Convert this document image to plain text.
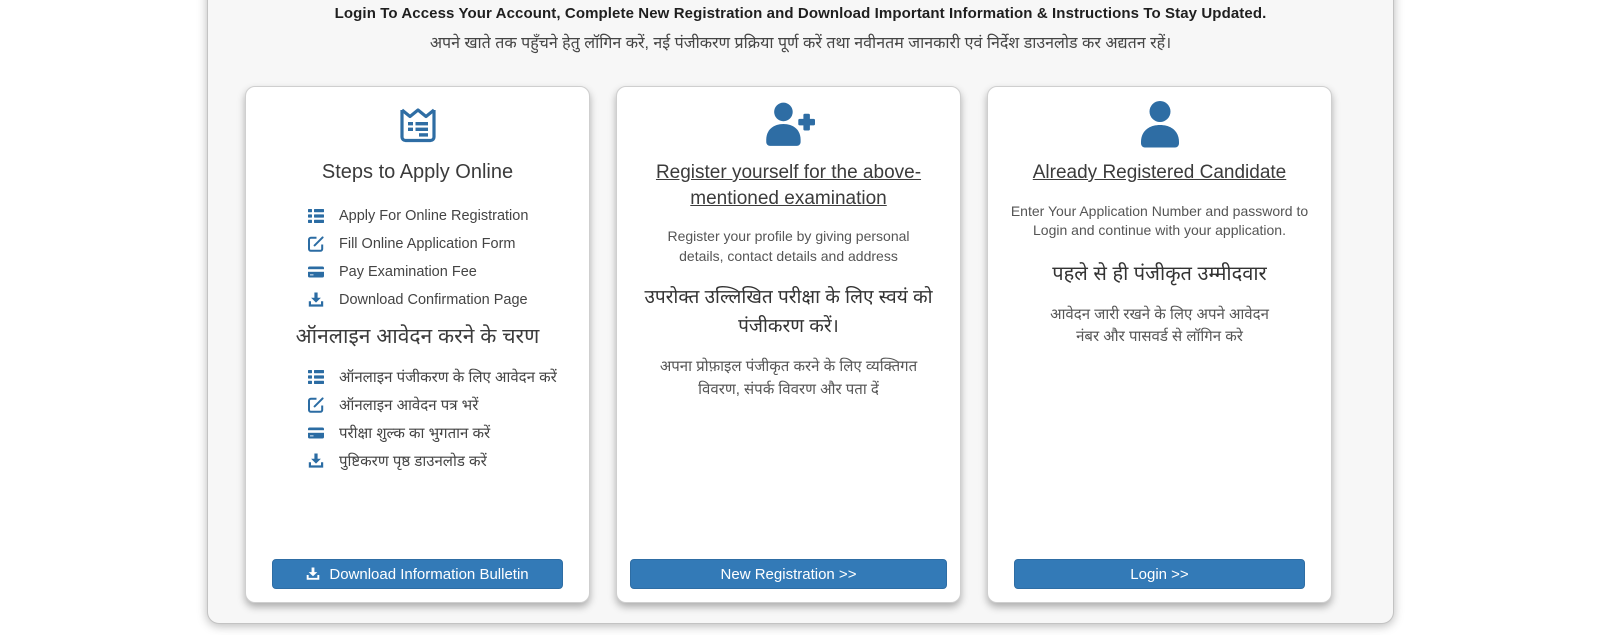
Login To Access Your Account, Complete New Registration and Download Important Information & Instructions To Stay Updated.
अपने खाते तक पहुँचने हेतु लॉगिन करें, नई पंजीकरण प्रक्रिया पूर्ण करें तथा नवीनतम जानकारी एवं निर्देश डाउनलोड कर अद्यतन रहें।
Steps to Apply Online
Apply For Online Registration
Fill Online Application Form
Pay Examination Fee
Download Confirmation Page
ऑनलाइन आवेदन करने के चरण
ऑनलाइन पंजीकरण के लिए आवेदन करें
ऑनलाइन आवेदन पत्र भरें
परीक्षा शुल्क का भुगतान करें
पुष्टिकरण पृष्ठ डाउनलोड करें
Download Information Bulletin
Register yourself for the above-mentioned examination
Register your profile by giving personal details, contact details and address
उपरोक्त उल्लिखित परीक्षा के लिए स्वयं को पंजीकरण करें।
अपना प्रोफ़ाइल पंजीकृत करने के लिए व्यक्तिगत विवरण, संपर्क विवरण और पता दें
New Registration >>
Already Registered Candidate
Enter Your Application Number and password to Login and continue with your application.
पहले से ही पंजीकृत उम्मीदवार
आवेदन जारी रखने के लिए अपने आवेदन नंबर और पासवर्ड से लॉगिन करे
Login >>
